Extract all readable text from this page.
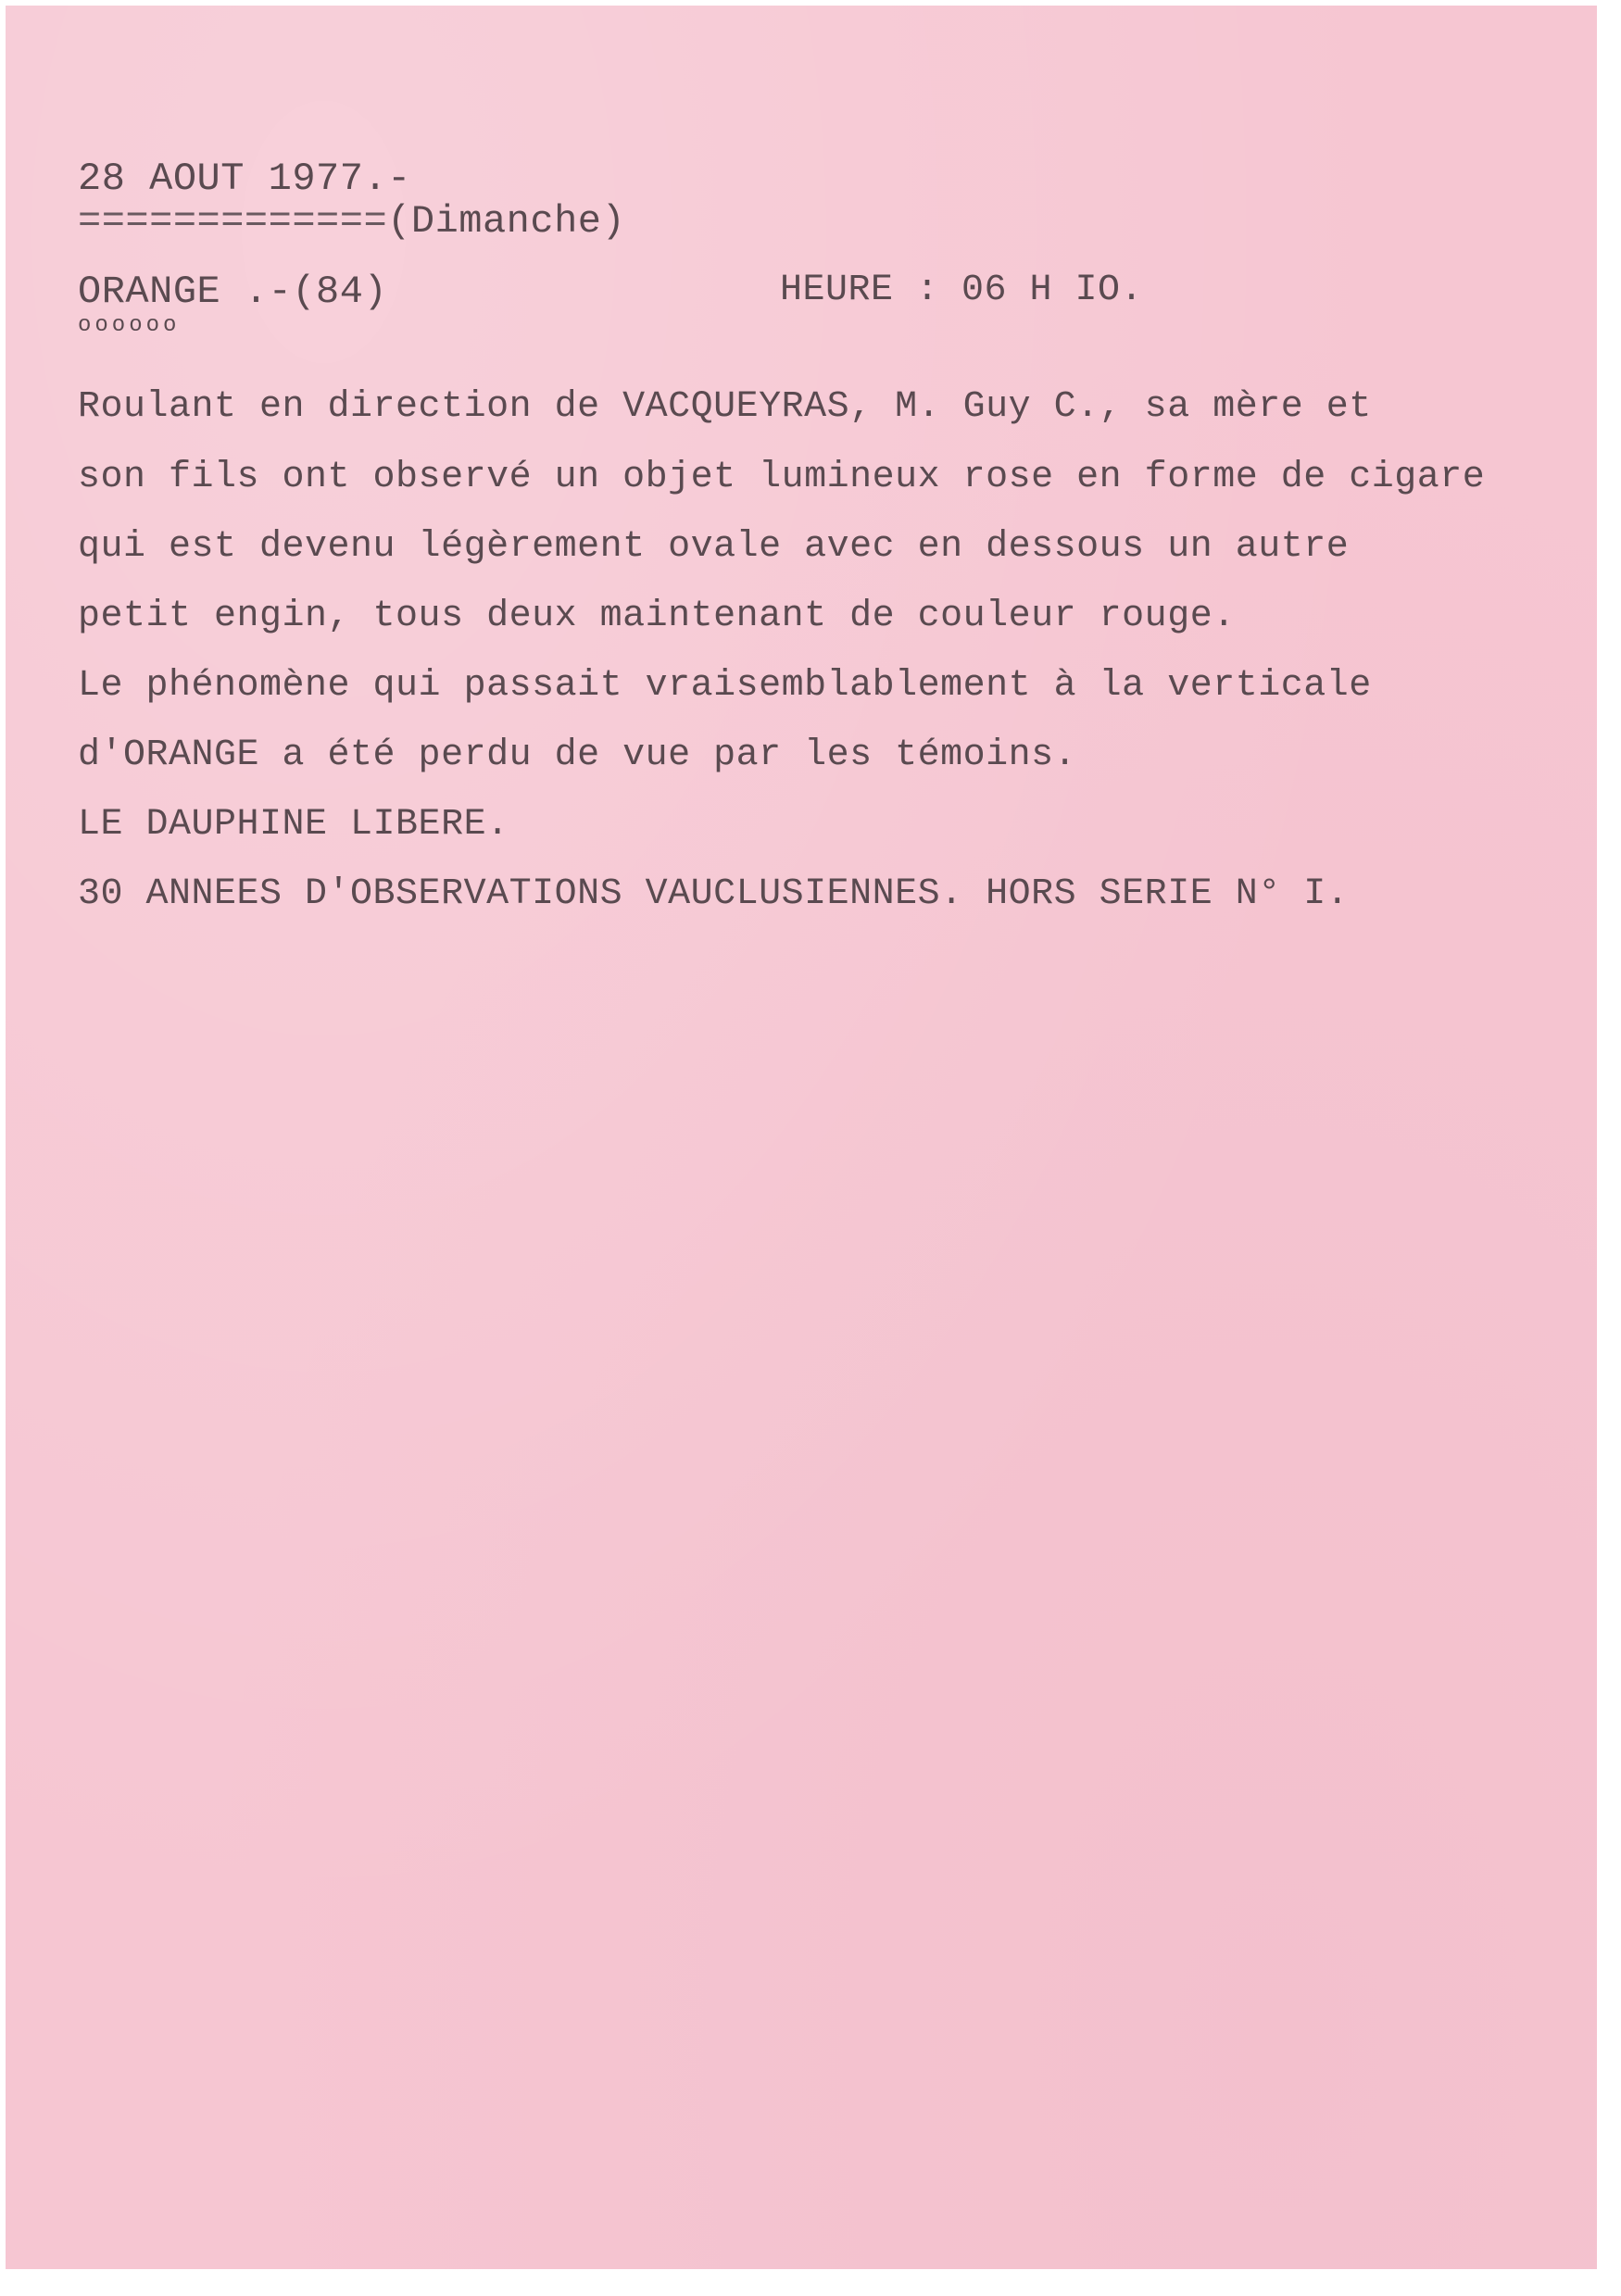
28 AOUT 1977.-
=============(Dimanche)
ORANGE .-(84)
oooooo
HEURE : 06 H IO.
Roulant en direction de VACQUEYRAS, M. Guy C., sa mère et
son fils ont observé un objet lumineux rose en forme de cigare
qui est devenu légèrement ovale avec en dessous un autre
petit engin, tous deux maintenant de couleur rouge.
Le phénomène qui passait vraisemblablement à la verticale
d'ORANGE a été perdu de vue par les témoins.
LE DAUPHINE LIBERE.
30 ANNEES D'OBSERVATIONS VAUCLUSIENNES. HORS SERIE N° I.
